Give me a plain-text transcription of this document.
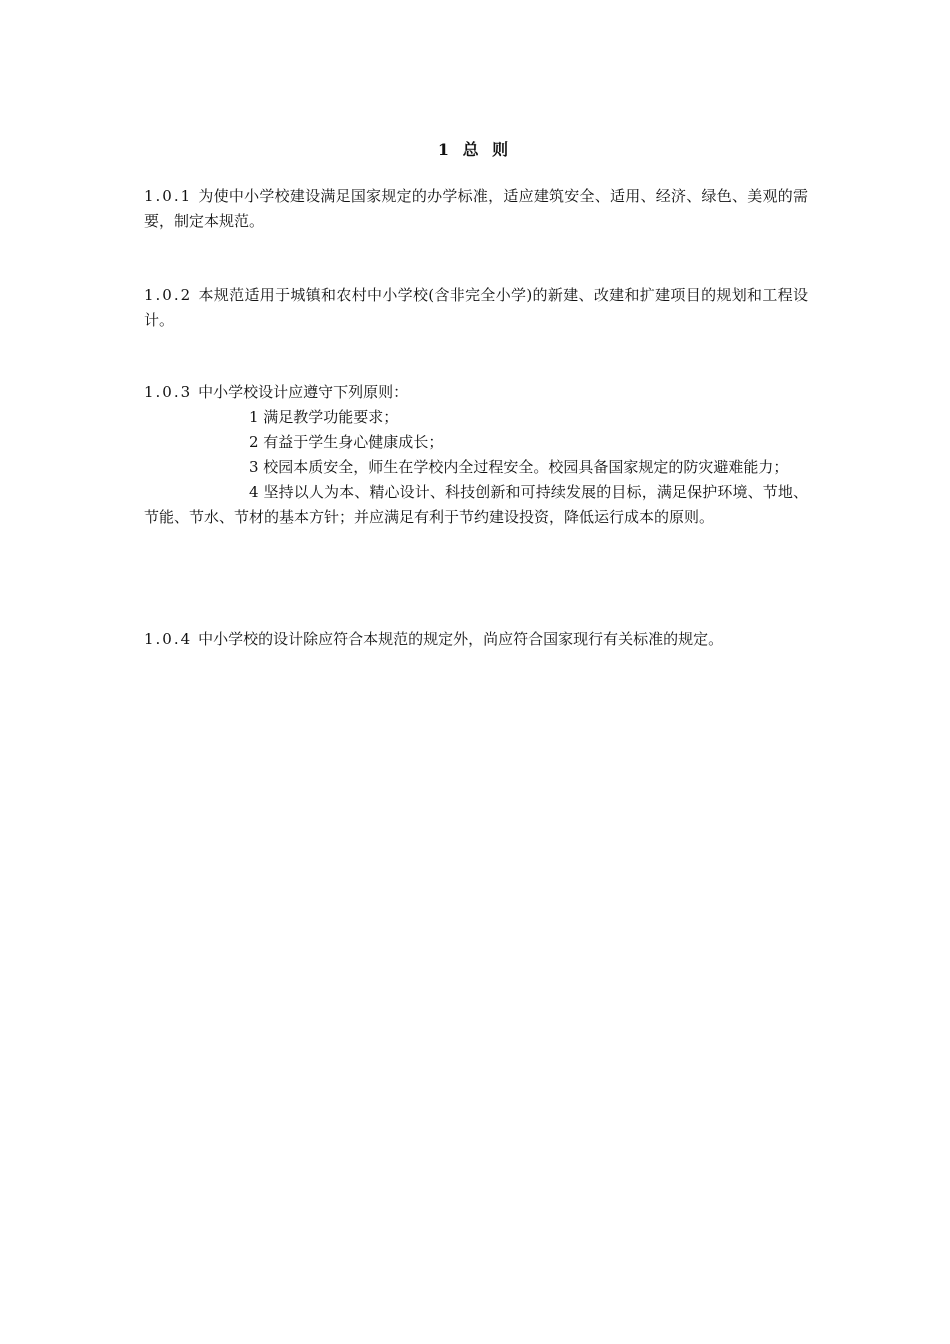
1 总 则
1.0.1 为使中小学校建设满足国家规定的办学标准，适应建筑安全、适用、经济、绿色、美观的需要，制定本规范。
1.0.2 本规范适用于城镇和农村中小学校(含非完全小学)的新建、改建和扩建项目的规划和工程设计。
1.0.3 中小学校设计应遵守下列原则：
1 满足教学功能要求；
2 有益于学生身心健康成长；
3 校园本质安全，师生在学校内全过程安全。校园具备国家规定的防灾避难能力；
4 坚持以人为本、精心设计、科技创新和可持续发展的目标，满足保护环境、节地、节能、节水、节材的基本方针；并应满足有利于节约建设投资，降低运行成本的原则。
1.0.4 中小学校的设计除应符合本规范的规定外，尚应符合国家现行有关标准的规定。
